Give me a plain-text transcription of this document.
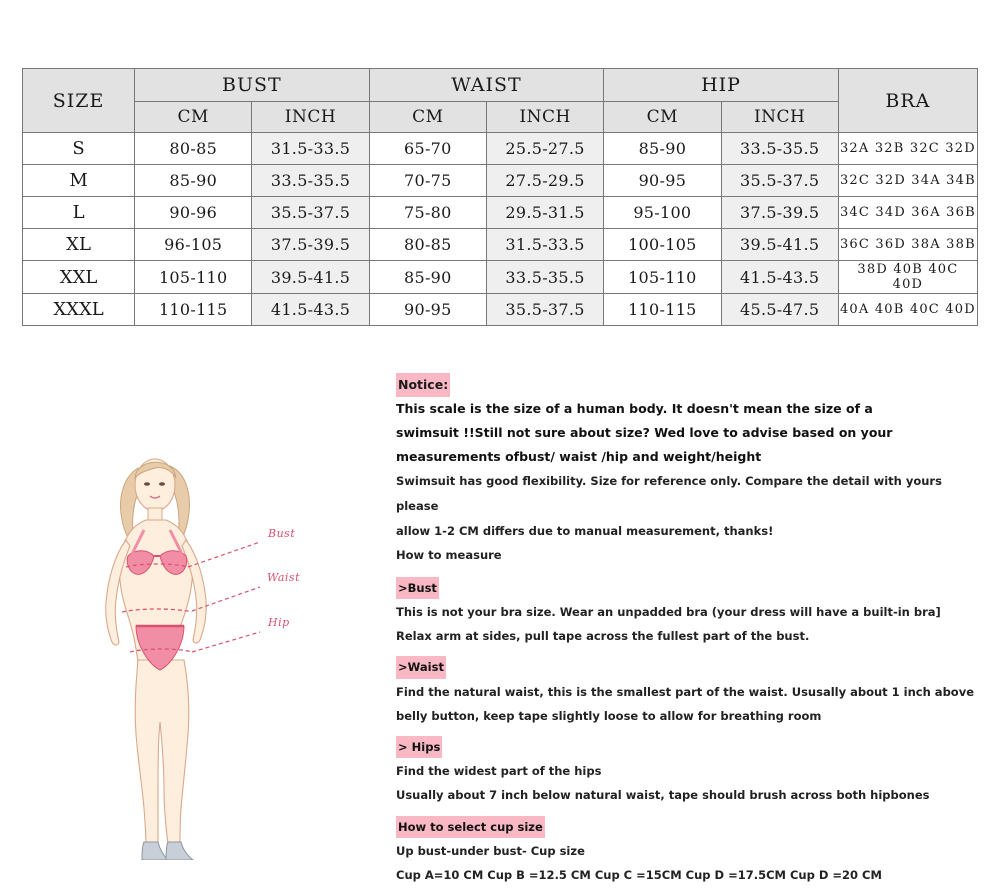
SIZE	BUST		WAIST		HIP		BRA
	CM	INCH	CM	INCH	CM	INCH	
S	80-85	31.5-33.5	65-70	25.5-27.5	85-90	33.5-35.5	32A 32B 32C 32D
M	85-90	33.5-35.5	70-75	27.5-29.5	90-95	35.5-37.5	32C 32D 34A 34B
L	90-96	35.5-37.5	75-80	29.5-31.5	95-100	37.5-39.5	34C 34D 36A 36B
XL	96-105	37.5-39.5	80-85	31.5-33.5	100-105	39.5-41.5	36C 36D 38A 38B
XXL	105-110	39.5-41.5	85-90	33.5-35.5	105-110	41.5-43.5	38D 40B 40C 40D
XXXL	110-115	41.5-43.5	90-95	35.5-37.5	110-115	45.5-47.5	40A 40B 40C 40D
Bust
Waist
Hip

Notice:

This scale is the size of a human body. It doesn't mean the size of a

swimsuit !!Still not sure about size? Wed love to advise based on your

measurements ofbust/ waist /hip and weight/height

Swimsuit has good flexibility. Size for reference only. Compare the detail with yours please

allow 1-2 CM differs due to manual measurement, thanks!

How to measure

>Bust

This is not your bra size. Wear an unpadded bra (your dress will have a built-in bra]

Relax arm at sides, pull tape across the fullest part of the bust.

>Waist

Find the natural waist, this is the smallest part of the waist. Ususally about 1 inch above

belly button, keep tape slightly loose to allow for breathing room

> Hips

Find the widest part of the hips

Usually about 7 inch below natural waist, tape should brush across both hipbones

How to select cup size

Up bust-under bust- Cup size

Cup A=10 CM Cup B =12.5 CM Cup C =15CM Cup D =17.5CM Cup D =20 CM
